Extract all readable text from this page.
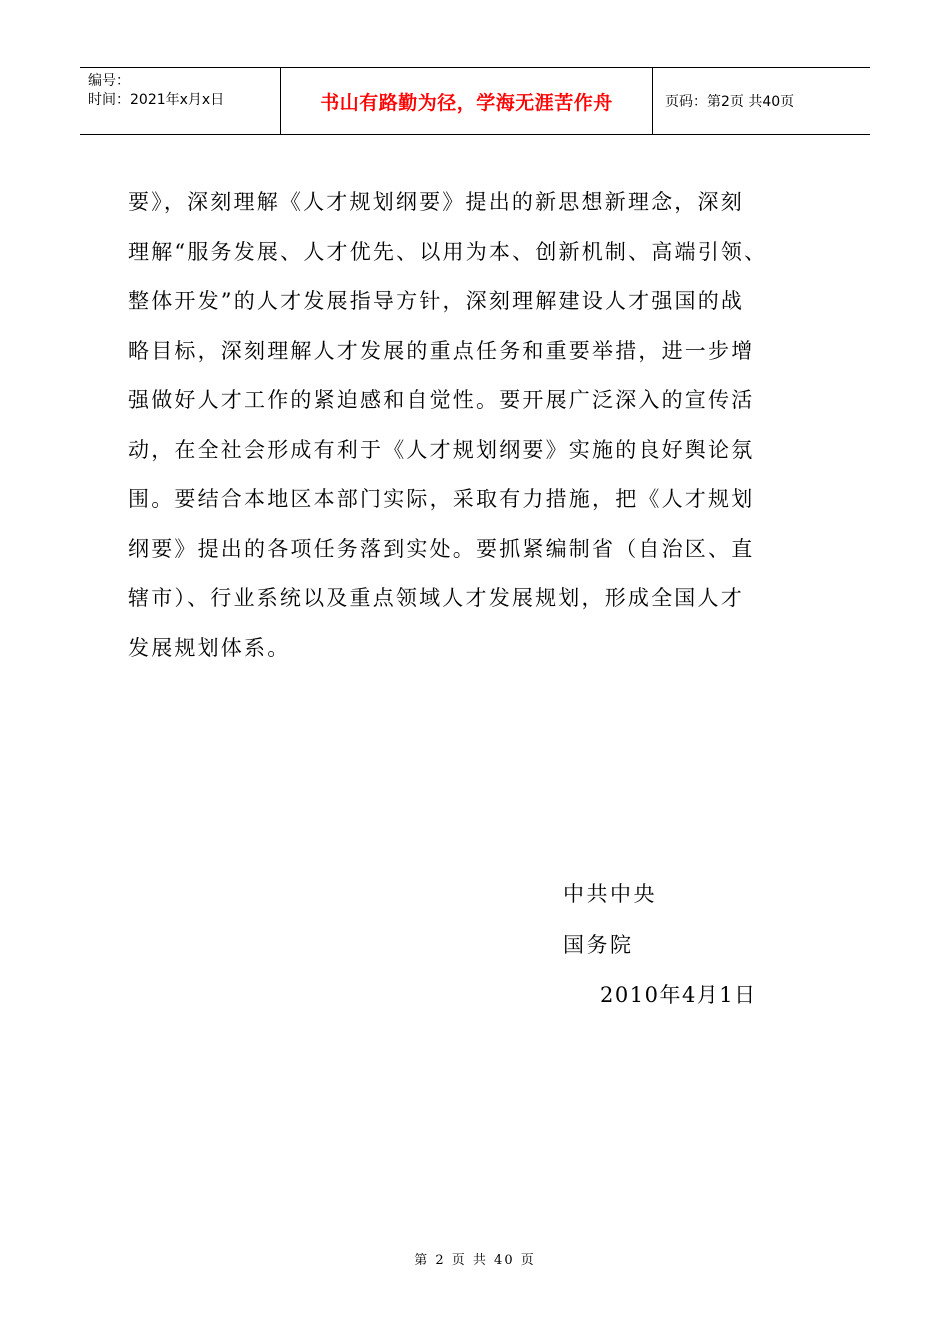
编号：
时间：2021年x月x日	书山有路勤为径，学海无涯苦作舟	页码：第2页 共40页

要》，深刻理解《人才规划纲要》提出的新思想新理念，深刻

理解“服务发展、人才优先、以用为本、创新机制、高端引领、

整体开发”的人才发展指导方针，深刻理解建设人才强国的战

略目标，深刻理解人才发展的重点任务和重要举措，进一步增

强做好人才工作的紧迫感和自觉性。要开展广泛深入的宣传活

动，在全社会形成有利于《人才规划纲要》实施的良好舆论氛

围。要结合本地区本部门实际，采取有力措施，把《人才规划

纲要》提出的各项任务落到实处。要抓紧编制省（自治区、直

辖市）、行业系统以及重点领域人才发展规划，形成全国人才

发展规划体系。

中共中央
国务院
2010年4月1日
第 2 页 共 40 页
